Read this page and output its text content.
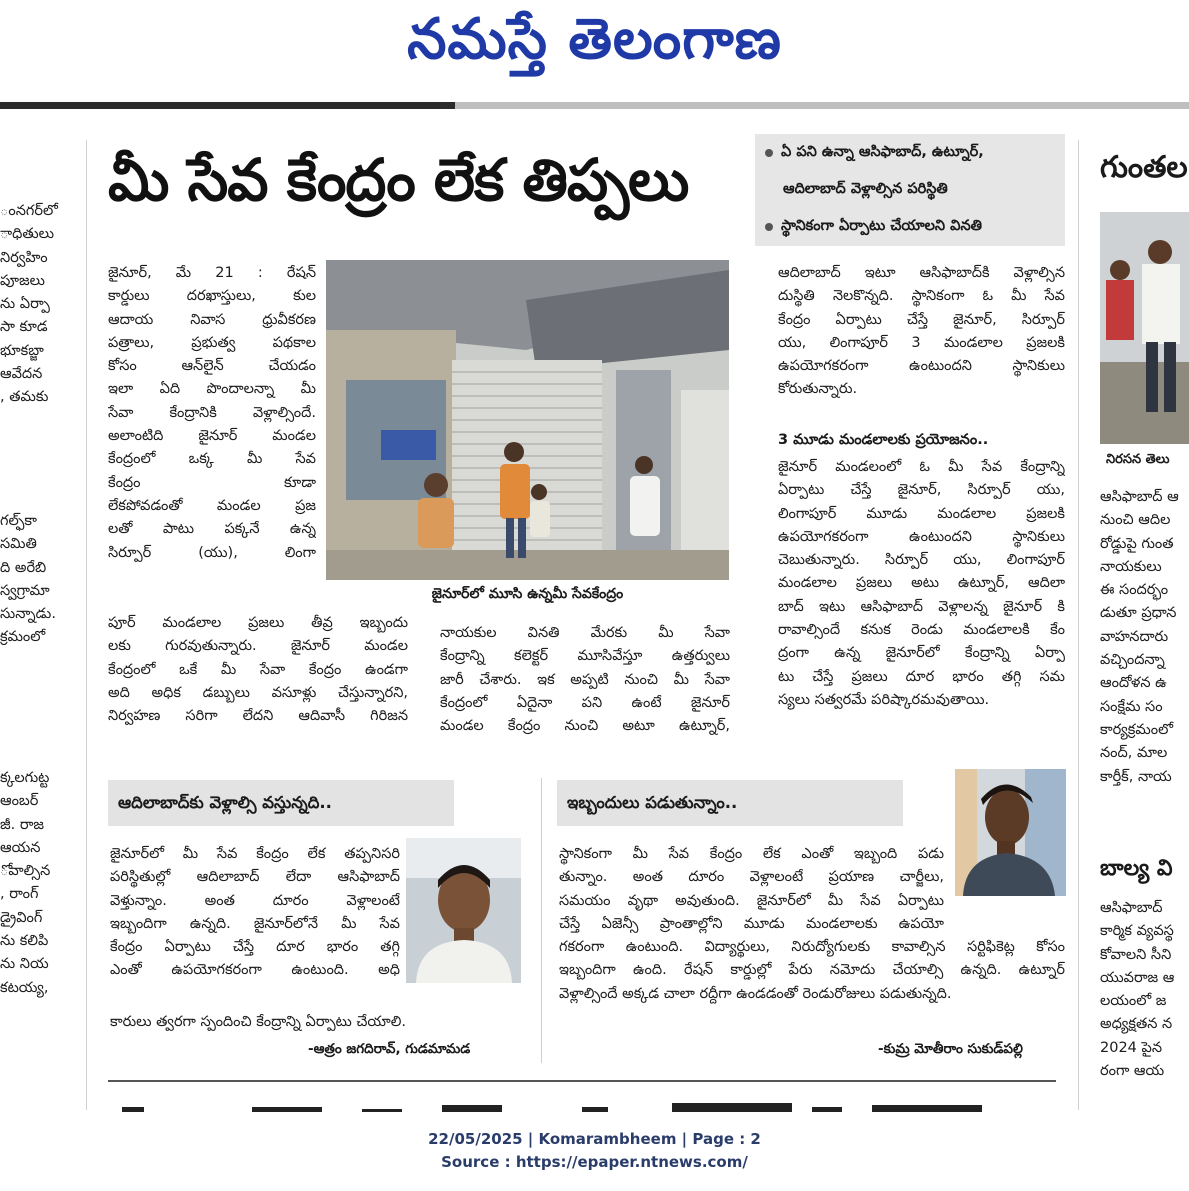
నమస్తే తెలంగాణ

ంనగర్‌లో

ాధితులు

నిర్వహిం

పూజలు

ను ఏర్పా

సా కూడ

భూకబ్జా

ఆవేదన

, తమకు

గల్ఫ్‌కా

సమితి

ది అరేబి

స్వగ్రామా

సున్నాడు.

క్రమంలో

క్కలగుట్ట

ఆంబర్

జీ. రాజ

ఆయన

ోవాల్సిన

, రాంగ్

డ్రైవింగ్

ను కలిపి

ను నియ

కటయ్య,

మీ సేవ కేంద్రం లేక తిప్పలు	ఏ పని ఉన్నా ఆసిఫాబాద్, ఉట్నూర్,
ఆదిలాబాద్ వెళ్లాల్సిన పరిస్థితి
స్థానికంగా ఏర్పాటు చేయాలని వినతి
జైనూర్‌లో మూసి ఉన్నమీ సేవకేంద్రం

జైనూర్, మే 21 : రేషన్

కార్డులు దరఖాస్తులు, కుల

ఆదాయ నివాస ధ్రువీకరణ

పత్రాలు, ప్రభుత్వ పథకాల

కోసం ఆన్‌లైన్ చేయడం

ఇలా ఏది పొందాలన్నా మీ

సేవా కేంద్రానికి వెళ్లాల్సిందే.

అలాంటిది జైనూర్ మండల

కేంద్రంలో ఒక్క మీ సేవ

కేంద్రం కూడా

లేకపోవడంతో మండల ప్రజ

లతో పాటు పక్కనే ఉన్న

సిర్పూర్ (యు), లింగా

పూర్ మండలాల ప్రజలు తీవ్ర ఇబ్బందు

లకు గురవుతున్నారు. జైనూర్ మండల

కేంద్రంలో ఒకే మీ సేవా కేంద్రం ఉండగా

అది అధిక డబ్బులు వసూళ్లు చేస్తున్నారని,

నిర్వహణ సరిగా లేదని ఆదివాసీ గిరిజన

నాయకుల వినతి మేరకు మీ సేవా

కేంద్రాన్ని కలెక్టర్ మూసివేస్తూ ఉత్తర్వులు

జారీ చేశారు. ఇక అప్పటి నుంచి మీ సేవా

కేంద్రంలో ఏదైనా పని ఉంటే జైనూర్

మండల కేంద్రం నుంచి అటూ ఉట్నూర్,

ఆదిలాబాద్ ఇటూ ఆసిఫాబాద్‌కి వెళ్లాల్సిన

దుస్థితి నెలకొన్నది. స్థానికంగా ఓ మీ సేవ

కేంద్రం ఏర్పాటు చేస్తే జైనూర్, సిర్పూర్

యు, లింగాపూర్ 3 మండలాల ప్రజలకి

ఉపయోగకరంగా ఉంటుందని స్థానికులు

కోరుతున్నారు.

3 మూడు మండలాలకు ప్రయోజనం..

జైనూర్ మండలంలో ఓ మీ సేవ కేంద్రాన్ని

ఏర్పాటు చేస్తే జైనూర్, సిర్పూర్ యు,

లింగాపూర్ మూడు మండలాల ప్రజలకి

ఉపయోగకరంగా ఉంటుందని స్థానికులు

చెబుతున్నారు. సిర్పూర్ యు, లింగాపూర్

మండలాల ప్రజలు అటు ఉట్నూర్, ఆదిలా

బాద్ ఇటు ఆసిఫాబాద్ వెళ్లాలన్న జైనూర్ కి

రావాల్సిందే కనుక రెండు మండలాలకి కేం

ద్రంగా ఉన్న జైనూర్‌లో కేంద్రాన్ని ఏర్పా

టు చేస్తే ప్రజలు దూర భారం తగ్గి సమ

స్యలు సత్వరమే పరిష్కారమవుతాయి.

ఆదిలాబాద్‌కు వెళ్లాల్సి వస్తున్నది..

జైనూర్‌లో మీ సేవ కేంద్రం లేక తప్పనిసరి

పరిస్థితుల్లో ఆదిలాబాద్ లేదా ఆసిఫాబాద్

వెళ్తున్నాం. అంత దూరం వెళ్లాలంటే

ఇబ్బందిగా ఉన్నది. జైనూర్‌లోనే మీ సేవ

కేంద్రం ఏర్పాటు చేస్తే దూర భారం తగ్గి

ఎంతో ఉపయోగకరంగా ఉంటుంది. అధి

కారులు త్వరగా స్పందించి కేంద్రాన్ని ఏర్పాటు చేయాలి.

-ఆత్రం జగదిరావ్, గుడమామడ
ఇబ్బందులు పడుతున్నాం..

స్థానికంగా మీ సేవ కేంద్రం లేక ఎంతో ఇబ్బంది పడు

తున్నాం. అంత దూరం వెళ్లాలంటే ప్రయాణ చార్జీలు,

సమయం వృథా అవుతుంది. జైనూర్‌లో మీ సేవ ఏర్పాటు

చేస్తే ఏజెన్సీ ప్రాంతాల్లోని మూడు మండలాలకు ఉపయో

గకరంగా ఉంటుంది. విద్యార్థులు, నిరుద్యోగులకు కావాల్సిన సర్టిఫికెట్ల కోసం

ఇబ్బందిగా ఉంది. రేషన్ కార్డుల్లో పేరు నమోదు చేయాల్సి ఉన్నది. ఉట్నూర్

వెళ్లాల్సిందే అక్కడ చాలా రద్దీగా ఉండడంతో రెండురోజులు పడుతున్నది.

-కుమ్ర మోతీరాం సుకుడ్‌పల్లి
గుంతల
నిరసన తెలు

ఆసిఫాబాద్ ఆ

నుంచి ఆదిల

రోడ్డుపై గుంత

నాయకులు

ఈ సందర్భం

డుతూ ప్రధాన

వాహనదారు

వచ్చిందన్నా

ఆందోళన ఉ

సంక్షేమ సం

కార్యక్రమంలో

నంద్, మాల

కార్తీక్, నాయ

బాల్య వి

ఆసిఫాబాద్

కార్మిక వ్యవస్థ

కోవాలని సీని

యువరాజ ఆ

లయంలో జ

అధ్యక్షతన న

2024 పైన

రంగా ఆయ

22/05/2025 | Komarambheem | Page : 2
Source : https://epaper.ntnews.com/
